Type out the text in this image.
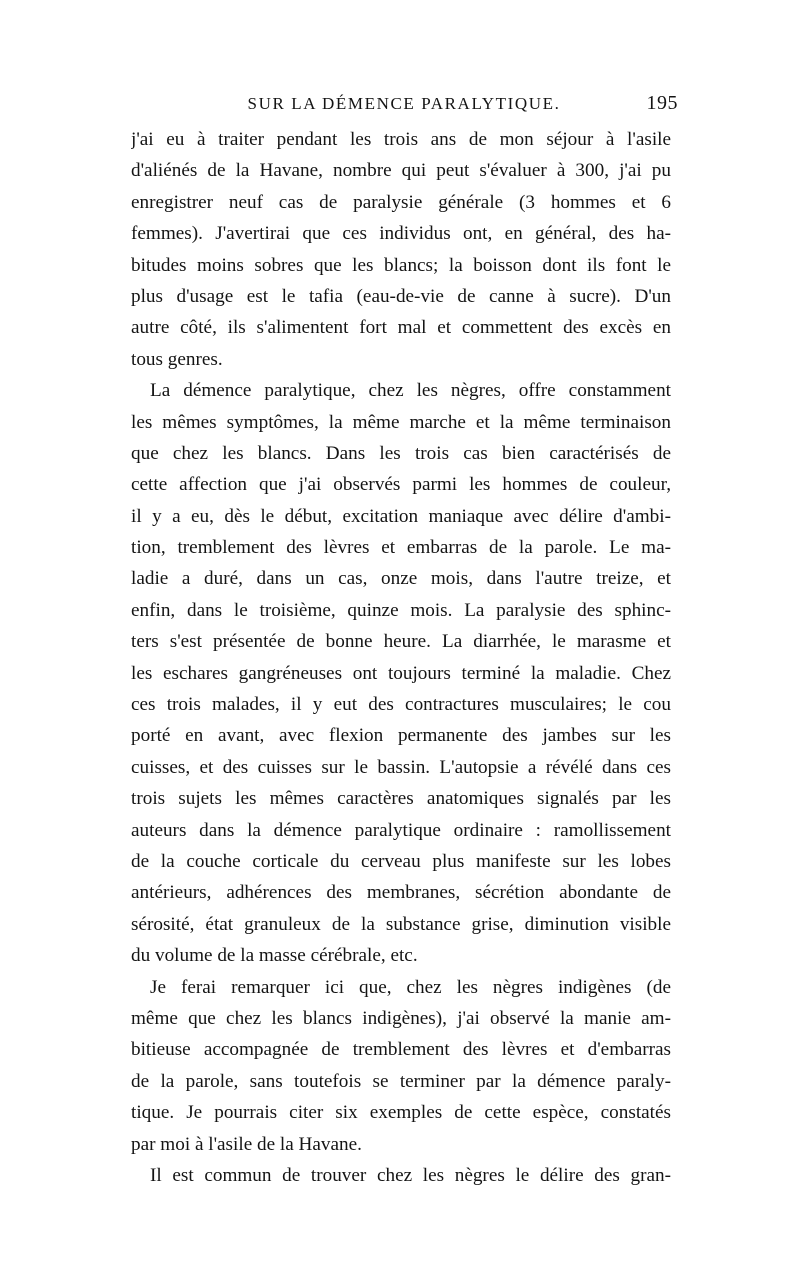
SUR LA DÉMENCE PARALYTIQUE.	195
j'ai eu à traiter pendant les trois ans de mon séjour à l'asile
d'aliénés de la Havane, nombre qui peut s'évaluer à 300, j'ai pu
enregistrer neuf cas de paralysie générale (3 hommes et 6
femmes). J'avertirai que ces individus ont, en général, des ha-
bitudes moins sobres que les blancs; la boisson dont ils font le
plus d'usage est le tafia (eau-de-vie de canne à sucre). D'un
autre côté, ils s'alimentent fort mal et commettent des excès en
tous genres.
La démence paralytique, chez les nègres, offre constamment
les mêmes symptômes, la même marche et la même terminaison
que chez les blancs. Dans les trois cas bien caractérisés de
cette affection que j'ai observés parmi les hommes de couleur,
il y a eu, dès le début, excitation maniaque avec délire d'ambi-
tion, tremblement des lèvres et embarras de la parole. Le ma-
ladie a duré, dans un cas, onze mois, dans l'autre treize, et
enfin, dans le troisième, quinze mois. La paralysie des sphinc-
ters s'est présentée de bonne heure. La diarrhée, le marasme et
les eschares gangréneuses ont toujours terminé la maladie. Chez
ces trois malades, il y eut des contractures musculaires; le cou
porté en avant, avec flexion permanente des jambes sur les
cuisses, et des cuisses sur le bassin. L'autopsie a révélé dans ces
trois sujets les mêmes caractères anatomiques signalés par les
auteurs dans la démence paralytique ordinaire : ramollissement
de la couche corticale du cerveau plus manifeste sur les lobes
antérieurs, adhérences des membranes, sécrétion abondante de
sérosité, état granuleux de la substance grise, diminution visible
du volume de la masse cérébrale, etc.
Je ferai remarquer ici que, chez les nègres indigènes (de
même que chez les blancs indigènes), j'ai observé la manie am-
bitieuse accompagnée de tremblement des lèvres et d'embarras
de la parole, sans toutefois se terminer par la démence paraly-
tique. Je pourrais citer six exemples de cette espèce, constatés
par moi à l'asile de la Havane.
Il est commun de trouver chez les nègres le délire des gran-
